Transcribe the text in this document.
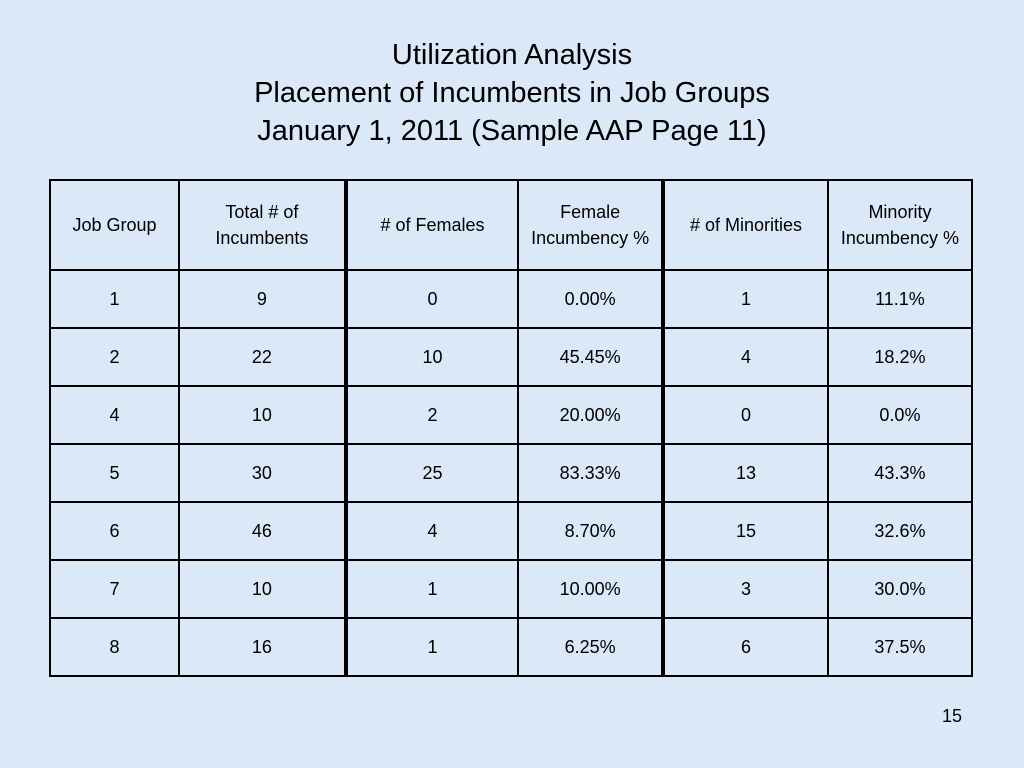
Utilization Analysis
Placement of Incumbents in Job Groups
January 1, 2011 (Sample AAP Page 11)
Job Group	Total # of Incumbents	# of Females	Female Incumbency %	# of Minorities	Minority Incumbency %
1	9	0	0.00%	1	11.1%
2	22	10	45.45%	4	18.2%
4	10	2	20.00%	0	0.0%
5	30	25	83.33%	13	43.3%
6	46	4	8.70%	15	32.6%
7	10	1	10.00%	3	30.0%
8	16	1	6.25%	6	37.5%
15
